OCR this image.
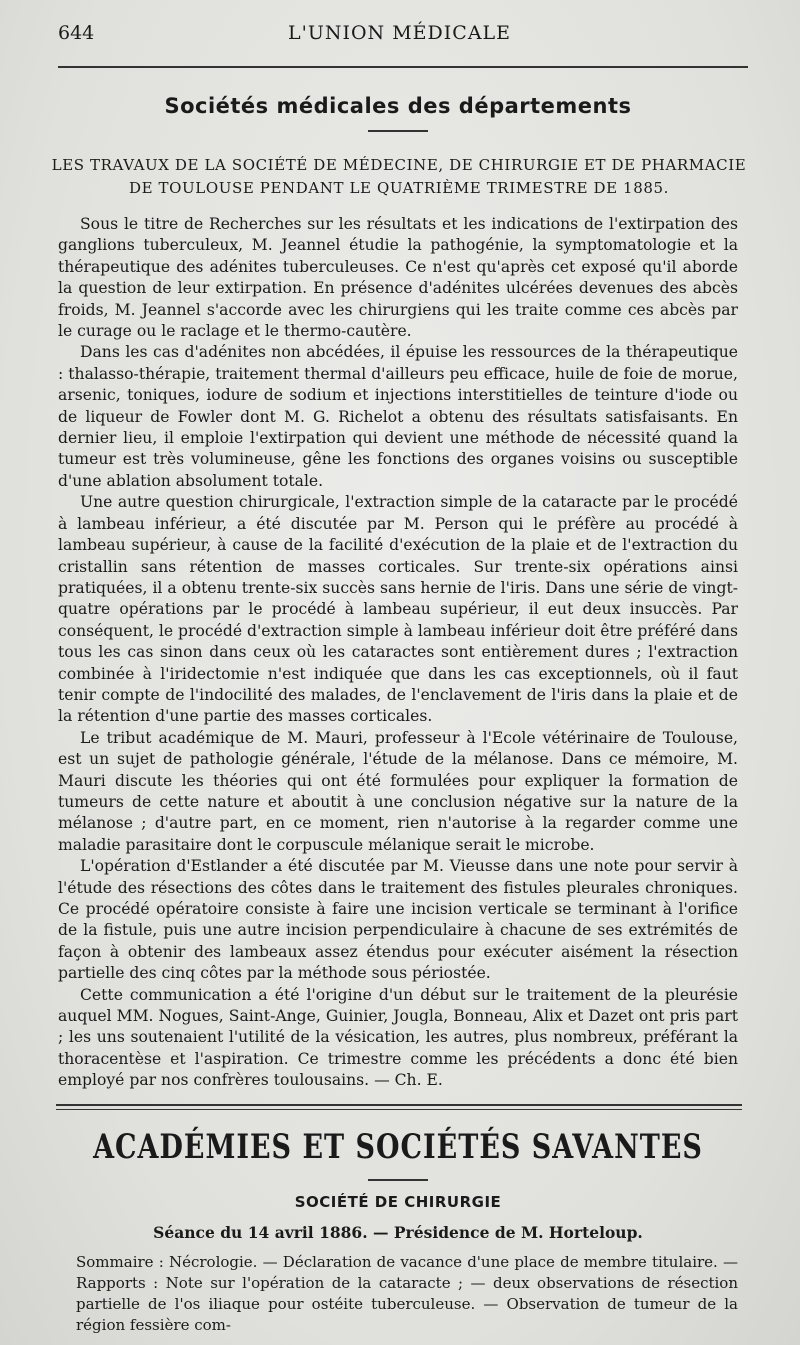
644	L'UNION MÉDICALE
Sociétés médicales des départements
LES TRAVAUX DE LA SOCIÉTÉ DE MÉDECINE, DE CHIRURGIE ET DE PHARMACIE DE TOULOUSE PENDANT LE QUATRIÈME TRIMESTRE DE 1885.

Sous le titre de Recherches sur les résultats et les indications de l'extirpation des ganglions tuberculeux, M. Jeannel étudie la pathogénie, la symptomatologie et la thérapeutique des adénites tuberculeuses. Ce n'est qu'après cet exposé qu'il aborde la question de leur extirpation. En présence d'adénites ulcérées devenues des abcès froids, M. Jeannel s'accorde avec les chirurgiens qui les traite comme ces abcès par le curage ou le raclage et le thermo-cautère.

Dans les cas d'adénites non abcédées, il épuise les ressources de la thérapeutique : thalasso-thérapie, traitement thermal d'ailleurs peu efficace, huile de foie de morue, arsenic, toniques, iodure de sodium et injections interstitielles de teinture d'iode ou de liqueur de Fowler dont M. G. Richelot a obtenu des résultats satisfaisants. En dernier lieu, il emploie l'extirpation qui devient une méthode de nécessité quand la tumeur est très volumineuse, gêne les fonctions des organes voisins ou susceptible d'une ablation absolument totale.

Une autre question chirurgicale, l'extraction simple de la cataracte par le procédé à lambeau inférieur, a été discutée par M. Person qui le préfère au procédé à lambeau supérieur, à cause de la facilité d'exécution de la plaie et de l'extraction du cristallin sans rétention de masses corticales. Sur trente-six opérations ainsi pratiquées, il a obtenu trente-six succès sans hernie de l'iris. Dans une série de vingt-quatre opérations par le procédé à lambeau supérieur, il eut deux insuccès. Par conséquent, le procédé d'extraction simple à lambeau inférieur doit être préféré dans tous les cas sinon dans ceux où les cataractes sont entièrement dures ; l'extraction combinée à l'iridectomie n'est indiquée que dans les cas exceptionnels, où il faut tenir compte de l'indocilité des malades, de l'enclavement de l'iris dans la plaie et de la rétention d'une partie des masses corticales.

Le tribut académique de M. Mauri, professeur à l'Ecole vétérinaire de Toulouse, est un sujet de pathologie générale, l'étude de la mélanose. Dans ce mémoire, M. Mauri discute les théories qui ont été formulées pour expliquer la formation de tumeurs de cette nature et aboutit à une conclusion négative sur la nature de la mélanose ; d'autre part, en ce moment, rien n'autorise à la regarder comme une maladie parasitaire dont le corpuscule mélanique serait le microbe.

L'opération d'Estlander a été discutée par M. Vieusse dans une note pour servir à l'étude des résections des côtes dans le traitement des fistules pleurales chroniques. Ce procédé opératoire consiste à faire une incision verticale se terminant à l'orifice de la fistule, puis une autre incision perpendiculaire à chacune de ses extrémités de façon à obtenir des lambeaux assez étendus pour exécuter aisément la résection partielle des cinq côtes par la méthode sous périostée.

Cette communication a été l'origine d'un début sur le traitement de la pleurésie auquel MM. Nogues, Saint-Ange, Guinier, Jougla, Bonneau, Alix et Dazet ont pris part ; les uns soutenaient l'utilité de la vésication, les autres, plus nombreux, préférant la thoracentèse et l'aspiration. Ce trimestre comme les précédents a donc été bien employé par nos confrères toulousains. — Ch. E.

ACADÉMIES ET SOCIÉTÉS SAVANTES
SOCIÉTÉ DE CHIRURGIE
Séance du 14 avril 1886. — Présidence de M. Horteloup.

Sommaire : Nécrologie. — Déclaration de vacance d'une place de membre titulaire. — Rapports : Note sur l'opération de la cataracte ; — deux observations de résection partielle de l'os iliaque pour ostéite tuberculeuse. — Observation de tumeur de la région fessière com-
